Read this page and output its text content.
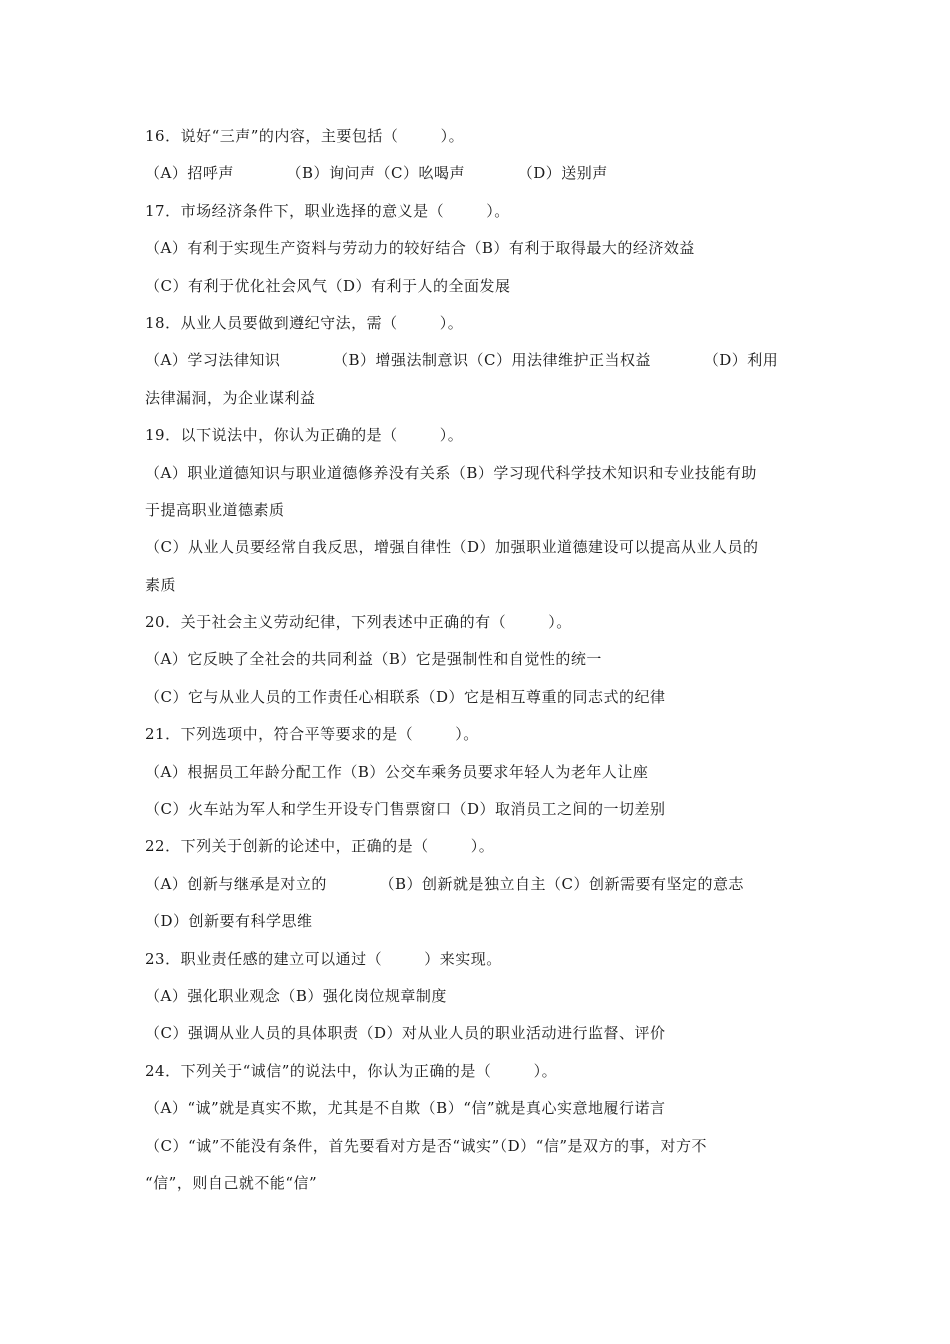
16．说好“三声”的内容，主要包括（        ）。
（A）招呼声          （B）询问声（C）吆喝声          （D）送别声
17．市场经济条件下，职业选择的意义是（        ）。
（A）有利于实现生产资料与劳动力的较好结合（B）有利于取得最大的经济效益
（C）有利于优化社会风气（D）有利于人的全面发展
18．从业人员要做到遵纪守法，需（        ）。
（A）学习法律知识          （B）增强法制意识（C）用法律维护正当权益          （D）利用
法律漏洞，为企业谋利益
19．以下说法中，你认为正确的是（        ）。
（A）职业道德知识与职业道德修养没有关系（B）学习现代科学技术知识和专业技能有助
于提高职业道德素质
（C）从业人员要经常自我反思，增强自律性（D）加强职业道德建设可以提高从业人员的
素质
20．关于社会主义劳动纪律，下列表述中正确的有（        ）。
（A）它反映了全社会的共同利益（B）它是强制性和自觉性的统一
（C）它与从业人员的工作责任心相联系（D）它是相互尊重的同志式的纪律
21．下列选项中，符合平等要求的是（        ）。
（A）根据员工年龄分配工作（B）公交车乘务员要求年轻人为老年人让座
（C）火车站为军人和学生开设专门售票窗口（D）取消员工之间的一切差别
22．下列关于创新的论述中，正确的是（        ）。
（A）创新与继承是对立的          （B）创新就是独立自主（C）创新需要有坚定的意志
（D）创新要有科学思维
23．职业责任感的建立可以通过（        ）来实现。
（A）强化职业观念（B）强化岗位规章制度
（C）强调从业人员的具体职责（D）对从业人员的职业活动进行监督、评价
24．下列关于“诚信”的说法中，你认为正确的是（        ）。
（A）“诚”就是真实不欺，尤其是不自欺（B）“信”就是真心实意地履行诺言
（C）“诚”不能没有条件，首先要看对方是否“诚实”（D）“信”是双方的事，对方不
“信”，则自己就不能“信”
